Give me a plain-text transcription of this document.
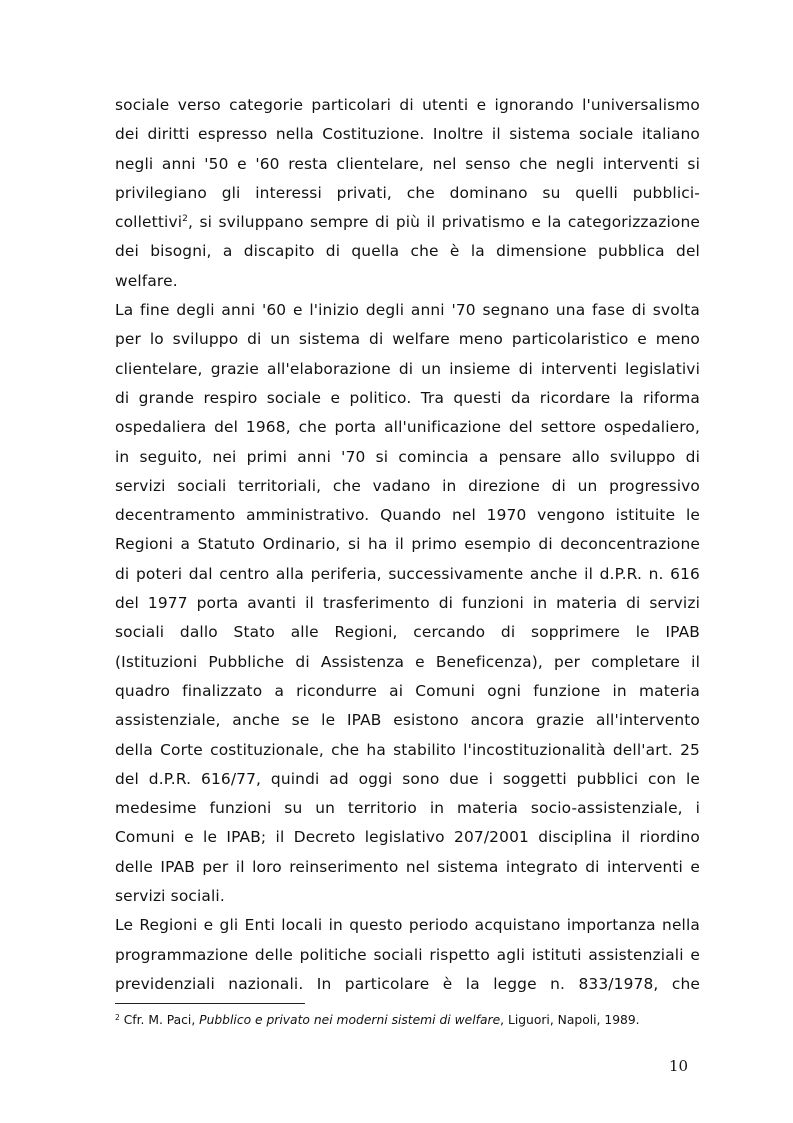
sociale verso categorie particolari di utenti e ignorando l'universalismo
dei diritti espresso nella Costituzione. Inoltre il sistema sociale italiano
negli anni '50 e '60 resta clientelare, nel senso che negli interventi si
privilegiano gli interessi privati, che dominano su quelli pubblici-
collettivi$^2$, si sviluppano sempre di più il privatismo e la categorizzazione
dei bisogni, a discapito di quella che è la dimensione pubblica del
welfare.
La fine degli anni '60 e l'inizio degli anni '70 segnano una fase di svolta
per lo sviluppo di un sistema di welfare meno particolaristico e meno
clientelare, grazie all'elaborazione di un insieme di interventi legislativi
di grande respiro sociale e politico. Tra questi da ricordare la riforma
ospedaliera del 1968, che porta all'unificazione del settore ospedaliero,
in seguito, nei primi anni '70 si comincia a pensare allo sviluppo di
servizi sociali territoriali, che vadano in direzione di un progressivo
decentramento amministrativo. Quando nel 1970 vengono istituite le
Regioni a Statuto Ordinario, si ha il primo esempio di deconcentrazione
di poteri dal centro alla periferia, successivamente anche il d.P.R. n. 616
del 1977 porta avanti il trasferimento di funzioni in materia di servizi
sociali dallo Stato alle Regioni, cercando di sopprimere le IPAB
(Istituzioni Pubbliche di Assistenza e Beneficenza), per completare il
quadro finalizzato a ricondurre ai Comuni ogni funzione in materia
assistenziale, anche se le IPAB esistono ancora grazie all'intervento
della Corte costituzionale, che ha stabilito l'incostituzionalità dell'art. 25
del d.P.R. 616/77, quindi ad oggi sono due i soggetti pubblici con le
medesime funzioni su un territorio in materia socio-assistenziale, i
Comuni e le IPAB; il Decreto legislativo 207/2001 disciplina il riordino
delle IPAB per il loro reinserimento nel sistema integrato di interventi e
servizi sociali.
Le Regioni e gli Enti locali in questo periodo acquistano importanza nella
programmazione delle politiche sociali rispetto agli istituti assistenziali e
previdenziali nazionali. In particolare è la legge n. 833/1978, che
$^2$ Cfr. M. Paci, Pubblico e privato nei moderni sistemi di welfare, Liguori, Napoli, 1989.
10
